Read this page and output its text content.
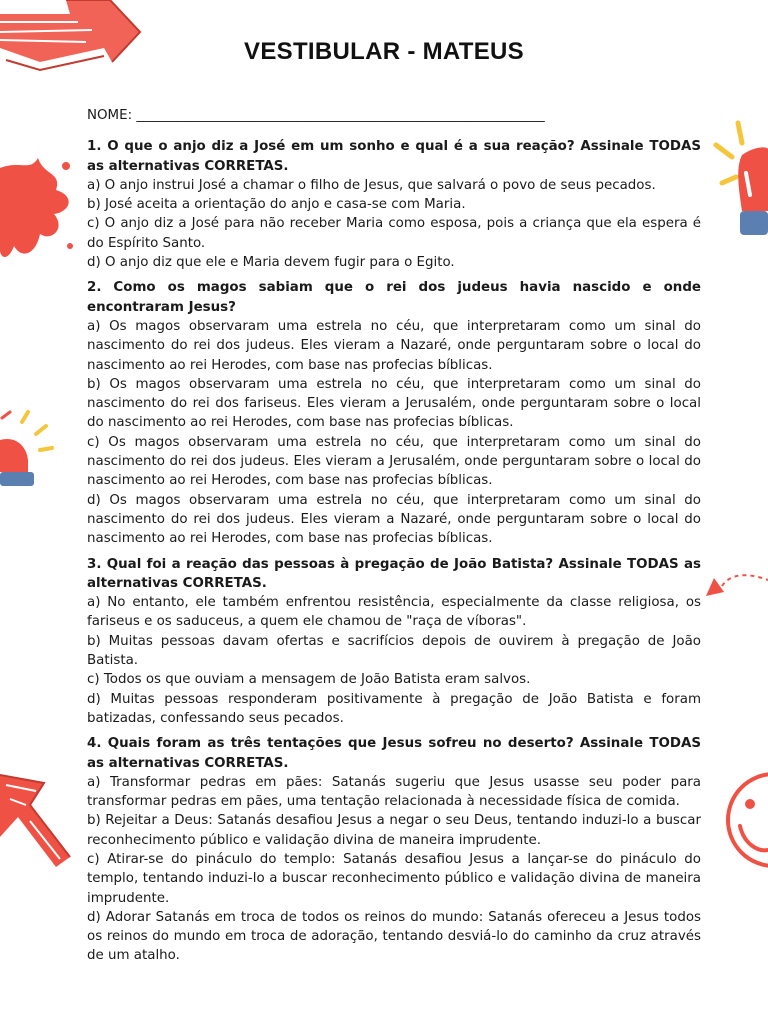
VESTIBULAR - MATEUS
NOME: _____________________________________________________________
1. O que o anjo diz a José em um sonho e qual é a sua reação? Assinale TODAS as alternativas CORRETAS.
a) O anjo instrui José a chamar o filho de Jesus, que salvará o povo de seus pecados.
b) José aceita a orientação do anjo e casa-se com Maria.
c) O anjo diz a José para não receber Maria como esposa, pois a criança que ela espera é do Espírito Santo.
d) O anjo diz que ele e Maria devem fugir para o Egito.
2. Como os magos sabiam que o rei dos judeus havia nascido e onde encontraram Jesus?
a) Os magos observaram uma estrela no céu, que interpretaram como um sinal do nascimento do rei dos judeus. Eles vieram a Nazaré, onde perguntaram sobre o local do nascimento ao rei Herodes, com base nas profecias bíblicas.
b) Os magos observaram uma estrela no céu, que interpretaram como um sinal do nascimento do rei dos fariseus. Eles vieram a Jerusalém, onde perguntaram sobre o local do nascimento ao rei Herodes, com base nas profecias bíblicas.
c) Os magos observaram uma estrela no céu, que interpretaram como um sinal do nascimento do rei dos judeus. Eles vieram a Jerusalém, onde perguntaram sobre o local do nascimento ao rei Herodes, com base nas profecias bíblicas.
d) Os magos observaram uma estrela no céu, que interpretaram como um sinal do nascimento do rei dos judeus. Eles vieram a Nazaré, onde perguntaram sobre o local do nascimento ao rei Herodes, com base nas profecias bíblicas.
3. Qual foi a reação das pessoas à pregação de João Batista? Assinale TODAS as alternativas CORRETAS.
a) No entanto, ele também enfrentou resistência, especialmente da classe religiosa, os fariseus e os saduceus, a quem ele chamou de "raça de víboras".
b) Muitas pessoas davam ofertas e sacrifícios depois de ouvirem à pregação de João Batista.
c) Todos os que ouviam a mensagem de João Batista eram salvos.
d) Muitas pessoas responderam positivamente à pregação de João Batista e foram batizadas, confessando seus pecados.
4. Quais foram as três tentações que Jesus sofreu no deserto? Assinale TODAS as alternativas CORRETAS.
a) Transformar pedras em pães: Satanás sugeriu que Jesus usasse seu poder para transformar pedras em pães, uma tentação relacionada à necessidade física de comida.
b) Rejeitar a Deus: Satanás desafiou Jesus a negar o seu Deus, tentando induzi-lo a buscar reconhecimento público e validação divina de maneira imprudente.
c) Atirar-se do pináculo do templo: Satanás desafiou Jesus a lançar-se do pináculo do templo, tentando induzi-lo a buscar reconhecimento público e validação divina de maneira imprudente.
d) Adorar Satanás em troca de todos os reinos do mundo: Satanás ofereceu a Jesus todos os reinos do mundo em troca de adoração, tentando desviá-lo do caminho da cruz através de um atalho.
